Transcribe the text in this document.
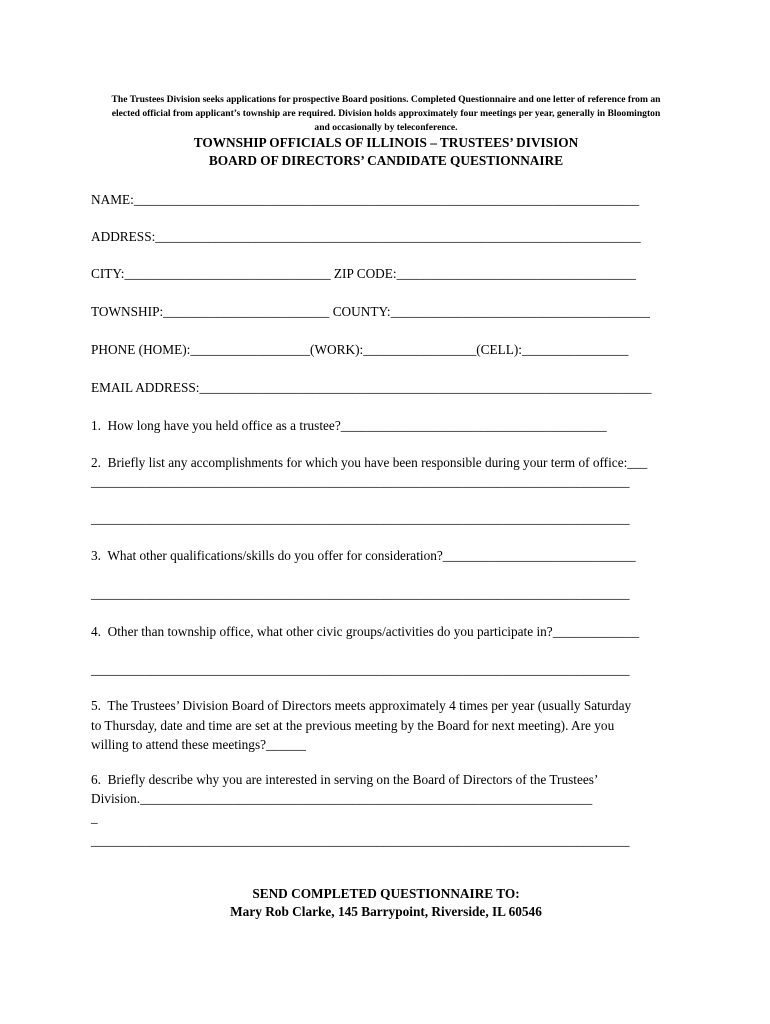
The Trustees Division seeks applications for prospective Board positions. Completed Questionnaire and one letter of reference from an
elected official from applicant’s township are required. Division holds approximately four meetings per year, generally in Bloomington
and occasionally by teleconference.
TOWNSHIP OFFICIALS OF ILLINOIS – TRUSTEES’ DIVISION
BOARD OF DIRECTORS’ CANDIDATE QUESTIONNAIRE
NAME:____________________________________________________________________________
ADDRESS:_________________________________________________________________________
CITY:_______________________________ ZIP CODE:____________________________________
TOWNSHIP:_________________________ COUNTY:_______________________________________
PHONE (HOME):__________________(WORK):_________________(CELL):________________
EMAIL ADDRESS:____________________________________________________________________
1.  How long have you held office as a trustee?________________________________________
2.  Briefly list any accomplishments for which you have been responsible during your term of office:___
_________________________________________________________________________________
_________________________________________________________________________________
3.  What other qualifications/skills do you offer for consideration?_____________________________
_________________________________________________________________________________
4.  Other than township office, what other civic groups/activities do you participate in?_____________
_________________________________________________________________________________
5.  The Trustees’ Division Board of Directors meets approximately 4 times per year (usually Saturday
to Thursday, date and time are set at the previous meeting by the Board for next meeting). Are you
willing to attend these meetings?______
6.  Briefly describe why you are interested in serving on the Board of Directors of the Trustees’
Division.____________________________________________________________________
_
_________________________________________________________________________________
SEND COMPLETED QUESTIONNAIRE TO:
Mary Rob Clarke, 145 Barrypoint, Riverside, IL 60546
